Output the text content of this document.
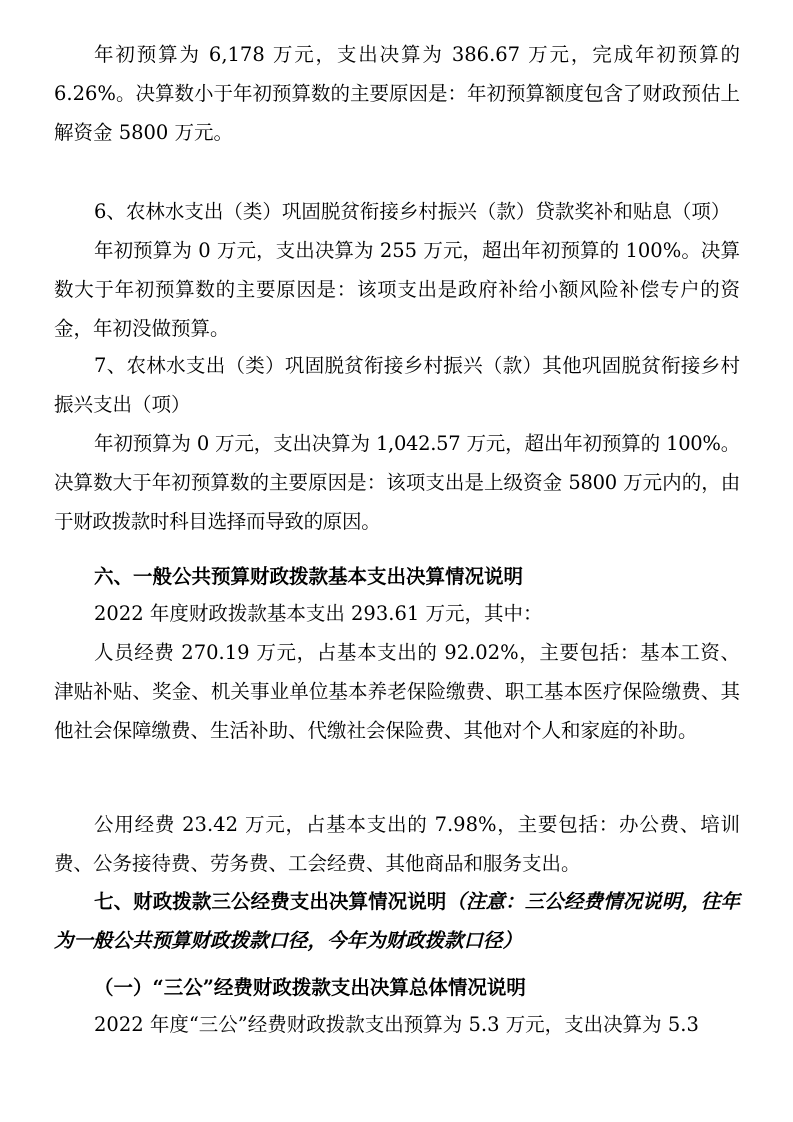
年初预算为 6,178 万元，支出决算为 386.67 万元，完成年初预算的 6.26%。决算数小于年初预算数的主要原因是：年初预算额度包含了财政预估上解资金 5800 万元。

6、农林水支出（类）巩固脱贫衔接乡村振兴（款）贷款奖补和贴息（项）

年初预算为 0 万元，支出决算为 255 万元，超出年初预算的 100%。决算数大于年初预算数的主要原因是：该项支出是政府补给小额风险补偿专户的资金，年初没做预算。

7、农林水支出（类）巩固脱贫衔接乡村振兴（款）其他巩固脱贫衔接乡村振兴支出（项）

年初预算为 0 万元，支出决算为 1,042.57 万元，超出年初预算的 100%。决算数大于年初预算数的主要原因是：该项支出是上级资金 5800 万元内的，由于财政拨款时科目选择而导致的原因。

六、一般公共预算财政拨款基本支出决算情况说明

2022 年度财政拨款基本支出 293.61 万元，其中：

人员经费 270.19 万元，占基本支出的 92.02%，主要包括：基本工资、津贴补贴、奖金、机关事业单位基本养老保险缴费、职工基本医疗保险缴费、其他社会保障缴费、生活补助、代缴社会保险费、其他对个人和家庭的补助。

公用经费 23.42 万元，占基本支出的 7.98%，主要包括：办公费、培训费、公务接待费、劳务费、工会经费、其他商品和服务支出。

七、财政拨款三公经费支出决算情况说明（注意：三公经费情况说明，往年为一般公共预算财政拨款口径，今年为财政拨款口径）

（一）“三公”经费财政拨款支出决算总体情况说明

2022 年度“三公”经费财政拨款支出预算为 5.3 万元，支出决算为 5.3
